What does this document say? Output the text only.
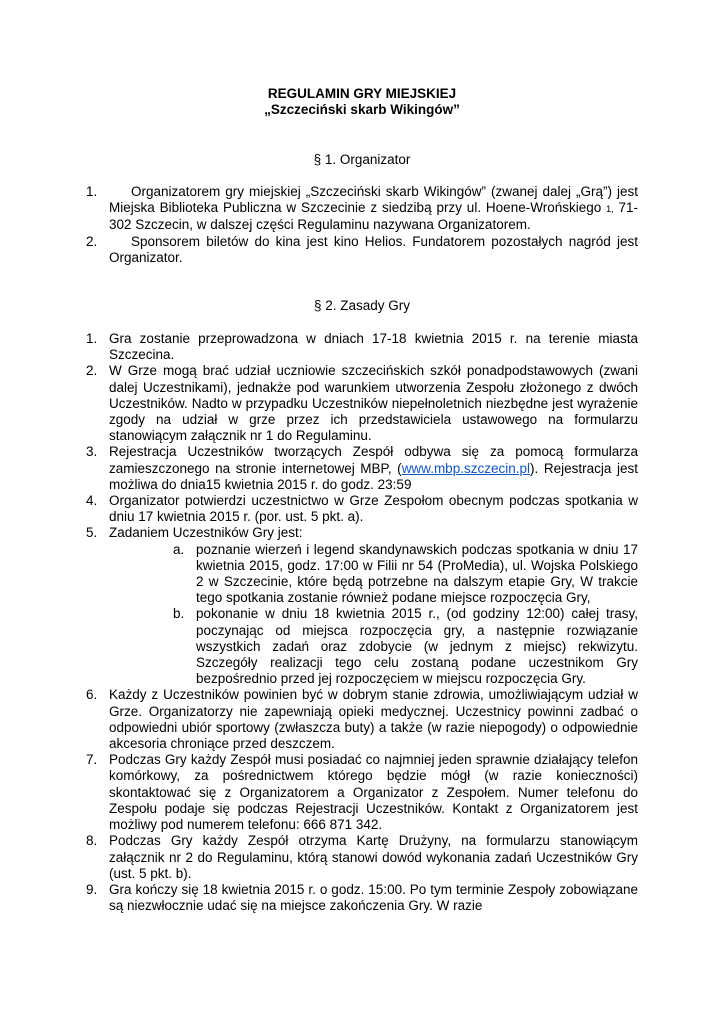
REGULAMIN GRY MIEJSKIEJ
„Szczeciński skarb Wikingów”
§ 1. Organizator
1. Organizatorem gry miejskiej „Szczeciński skarb Wikingów” (zwanej dalej „Grą”) jest Miejska Biblioteka Publiczna w Szczecinie z siedzibą przy ul. Hoene-Wrońskiego 1, 71-302 Szczecin, w dalszej części Regulaminu nazywana Organizatorem.
2. Sponsorem biletów do kina jest kino Helios. Fundatorem pozostałych nagród jest Organizator.
§ 2. Zasady Gry
1. Gra zostanie przeprowadzona w dniach 17-18 kwietnia 2015 r. na terenie miasta Szczecina.
2. W Grze mogą brać udział uczniowie szczecińskich szkół ponadpodstawowych (zwani dalej Uczestnikami), jednakże pod warunkiem utworzenia Zespołu złożonego z dwóch Uczestników. Nadto w przypadku Uczestników niepełnoletnich niezbędne jest wyrażenie zgody na udział w grze przez ich przedstawiciela ustawowego na formularzu stanowiącym załącznik nr 1 do Regulaminu.
3. Rejestracja Uczestników tworzących Zespół odbywa się za pomocą formularza zamieszczonego na stronie internetowej MBP, (www.mbp.szczecin.pl). Rejestracja jest możliwa do dnia15 kwietnia 2015 r. do godz. 23:59
4. Organizator potwierdzi uczestnictwo w Grze Zespołom obecnym podczas spotkania w dniu 17 kwietnia 2015 r. (por. ust. 5 pkt. a).
5. Zadaniem Uczestników Gry jest:
a. poznanie wierzeń i legend skandynawskich podczas spotkania w dniu 17 kwietnia 2015, godz. 17:00 w Filii nr 54 (ProMedia), ul. Wojska Polskiego 2 w Szczecinie, które będą potrzebne na dalszym etapie Gry, W trakcie tego spotkania zostanie również podane miejsce rozpoczęcia Gry,
b. pokonanie w dniu 18 kwietnia 2015 r., (od godziny 12:00) całej trasy, poczynając od miejsca rozpoczęcia gry, a następnie rozwiązanie wszystkich zadań oraz zdobycie (w jednym z miejsc) rekwizytu. Szczegóły realizacji tego celu zostaną podane uczestnikom Gry bezpośrednio przed jej rozpoczęciem w miejscu rozpoczęcia Gry.
6. Każdy z Uczestników powinien być w dobrym stanie zdrowia, umożliwiającym udział w Grze. Organizatorzy nie zapewniają opieki medycznej. Uczestnicy powinni zadbać o odpowiedni ubiór sportowy (zwłaszcza buty) a także (w razie niepogody) o odpowiednie akcesoria chroniące przed deszczem.
7. Podczas Gry każdy Zespół musi posiadać co najmniej jeden sprawnie działający telefon komórkowy, za pośrednictwem którego będzie mógł (w razie konieczności) skontaktować się z Organizatorem a Organizator z Zespołem. Numer telefonu do Zespołu podaje się podczas Rejestracji Uczestników. Kontakt z Organizatorem jest możliwy pod numerem telefonu: 666 871 342.
8. Podczas Gry każdy Zespół otrzyma Kartę Drużyny, na formularzu stanowiącym załącznik nr 2 do Regulaminu, którą stanowi dowód wykonania zadań Uczestników Gry (ust. 5 pkt. b).
9. Gra kończy się 18 kwietnia 2015 r. o godz. 15:00. Po tym terminie Zespoły zobowiązane są niezwłocznie udać się na miejsce zakończenia Gry. W razie
